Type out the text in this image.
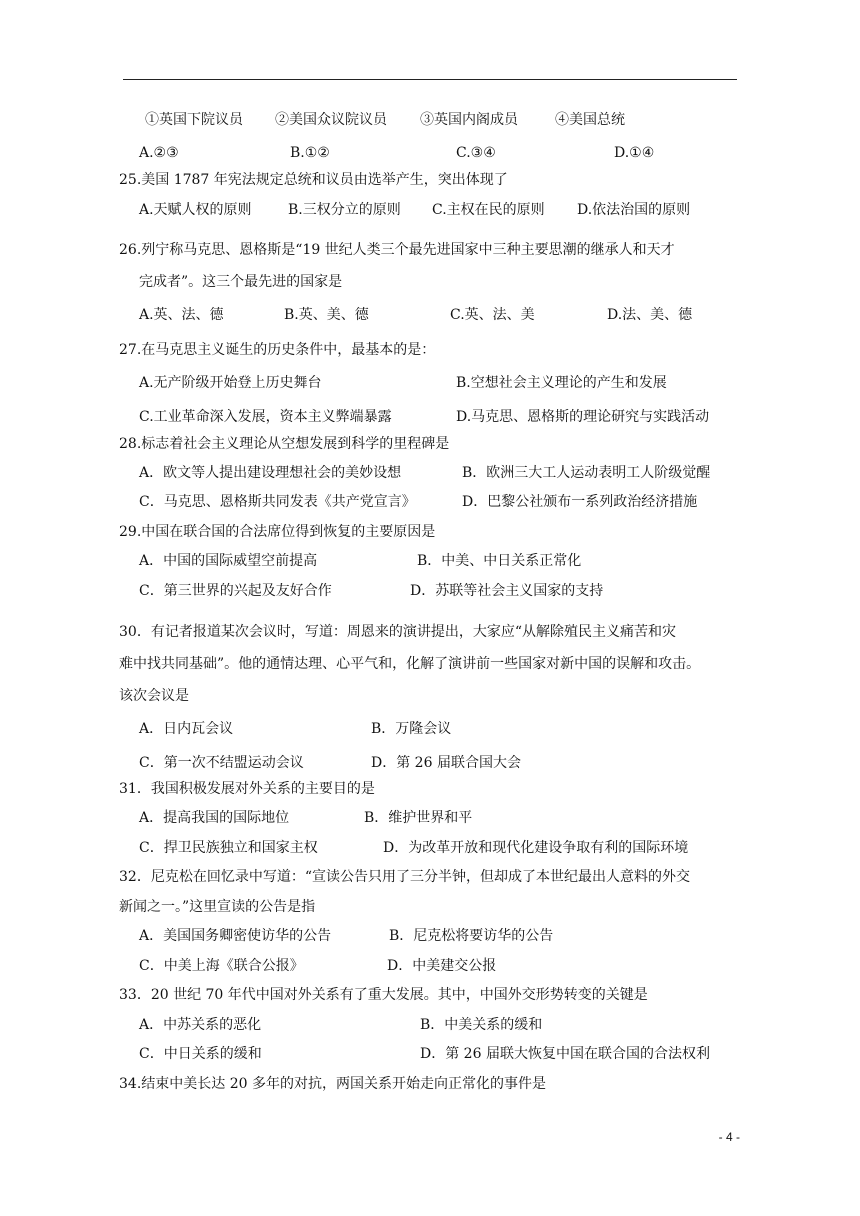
①英国下院议员 ②美国众议院议员 ③英国内阁成员	④美国总统
A.②③	B.①②	C.③④	D.①④
25.美国 1787 年宪法规定总统和议员由选举产生，突出体现了
A.天赋人权的原则	B.三权分立的原则 C.主权在民的原则 D.依法治国的原则
26.列宁称马克思、恩格斯是“19 世纪人类三个最先进国家中三种主要思潮的继承人和天才
完成者”。这三个最先进的国家是
A.英、法、德	B.英、美、德	C.英、法、美	D.法、美、德
27.在马克思主义诞生的历史条件中，最基本的是：
A.无产阶级开始登上历史舞台	B.空想社会主义理论的产生和发展
C.工业革命深入发展，资本主义弊端暴露	D.马克思、恩格斯的理论研究与实践活动
28.标志着社会主义理论从空想发展到科学的里程碑是
A．欧文等人提出建设理想社会的美妙设想	B．欧洲三大工人运动表明工人阶级觉醒
C．马克思、恩格斯共同发表《共产党宣言》	D．巴黎公社颁布一系列政治经济措施
29.中国在联合国的合法席位得到恢复的主要原因是
A．中国的国际威望空前提高	B．中美、中日关系正常化
C．第三世界的兴起及友好合作	D．苏联等社会主义国家的支持
30．有记者报道某次会议时，写道：周恩来的演讲提出，大家应“从解除殖民主义痛苦和灾
难中找共同基础”。他的通情达理、心平气和，化解了演讲前一些国家对新中国的误解和攻击。
该次会议是
A．日内瓦会议	B．万隆会议
C．第一次不结盟运动会议	D．第 26 届联合国大会
31．我国积极发展对外关系的主要目的是
A．提高我国的国际地位	B．维护世界和平
C．捍卫民族独立和国家主权	D．为改革开放和现代化建设争取有利的国际环境
32．尼克松在回忆录中写道：“宣读公告只用了三分半钟，但却成了本世纪最出人意料的外交
新闻之一。”这里宣读的公告是指
A．美国国务卿密使访华的公告	B．尼克松将要访华的公告
C．中美上海《联合公报》	D．中美建交公报
33．20 世纪 70 年代中国对外关系有了重大发展。其中，中国外交形势转变的关键是
A．中苏关系的恶化	B．中美关系的缓和
C．中日关系的缓和	D．第 26 届联大恢复中国在联合国的合法权利
34.结束中美长达 20 多年的对抗，两国关系开始走向正常化的事件是
- 4 -
